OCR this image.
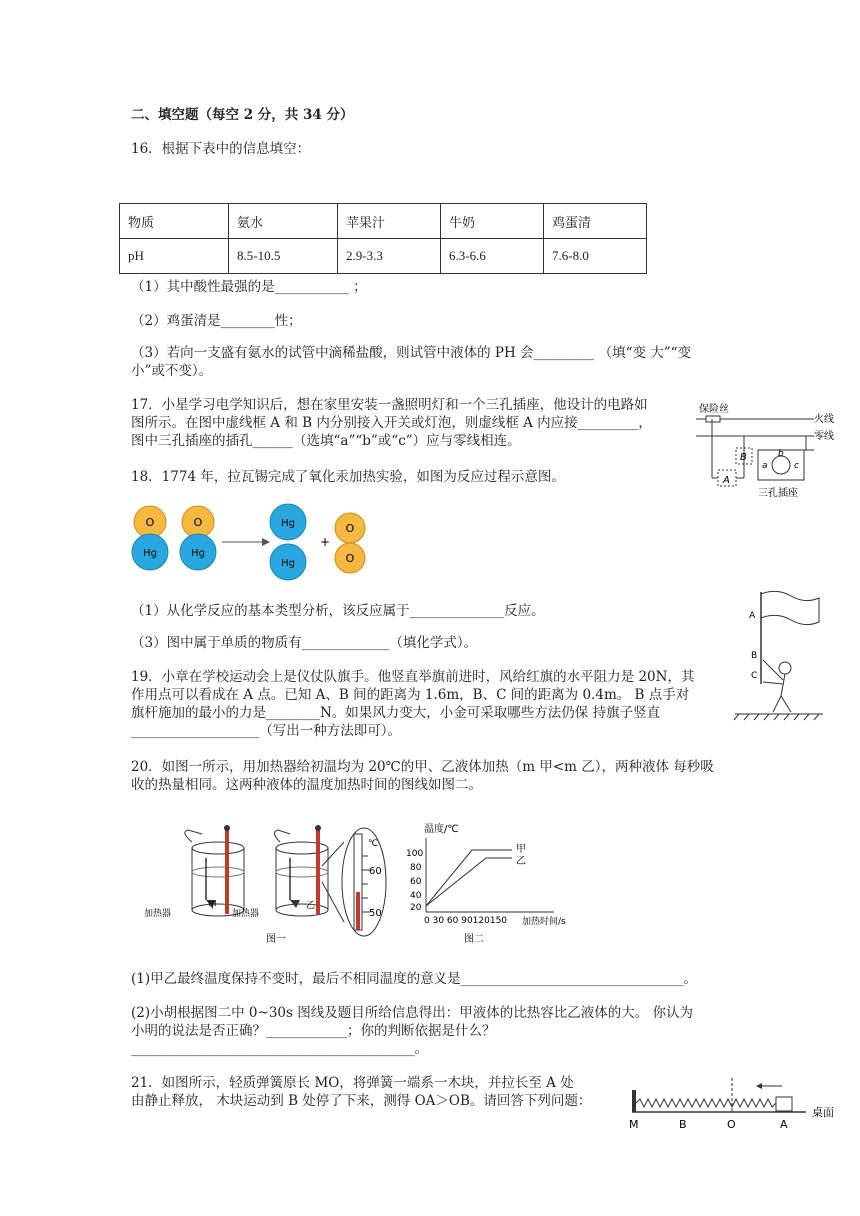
二、填空题（每空 2 分，共 34 分）
16．根据下表中的信息填空：
物质	氨水	苹果汁	牛奶	鸡蛋清
pH	8.5-10.5	2.9-3.3	6.3-6.6	7.6-8.0
（1）其中酸性最强的是___________ ；
（2）鸡蛋清是________性；
（3）若向一支盛有氨水的试管中滴稀盐酸，则试管中液体的 PH 会_________ （填“变 大”“变
小”或不变）。
17．小星学习电学知识后，想在家里安装一盏照明灯和一个三孔插座，他设计的电路如
图所示。在图中虚线框 A 和 B 内分别接入开关或灯泡，则虚线框 A 内应接_________，
图中三孔插座的插孔______（选填“a”“b”或“c”）应与零线相连。
保险丝
火线
零线
A
B
a
b
c
三孔插座
18．1774 年，拉瓦锡完成了氧化汞加热实验，如图为反应过程示意图。
O
Hg
O
Hg
Hg
Hg
+
O
O
（1）从化学反应的基本类型分析，该反应属于______________反应。
（3）图中属于单质的物质有_____________（填化学式）。
A
B
C
19．小章在学校运动会上是仪仗队旗手。他竖直举旗前进时，风给红旗的水平阻力是 20N，其
作用点可以看成在 A 点。已知 A、B 间的距离为 1.6m，B、C 间的距离为 0.4m。 B 点手对
旗杆施加的最小的力是________N。如果风力变大，小金可采取哪些方法仍保 持旗子竖直
___________________（写出一种方法即可）。
20．如图一所示，用加热器给初温均为 20℃的甲、乙液体加热（m 甲<m 乙），两种液体 每秒吸
收的热量相同。这两种液体的温度加热时间的图线如图二。
甲
加热器
乙
加热器
℃
60
50
图一
温度/℃
100
80
60
40
20
0 30 60 90120150 加热时间/s
甲
乙
图二
(1)甲乙最终温度保持不变时，最后不相同温度的意义是_________________________________。
(2)小胡根据图二中 0~30s 图线及题目所给信息得出：甲液体的比热容比乙液体的大。 你认为
小明的说法是否正确？____________；你的判断依据是什么？
__________________________________________。
21．如图所示，轻质弹簧原长 MO，将弹簧一端系一木块，并拉长至 A 处
由静止释放， 木块运动到 B 处停了下来，测得 OA＞OB。请回答下列问题：
桌面
M	B	O	A
